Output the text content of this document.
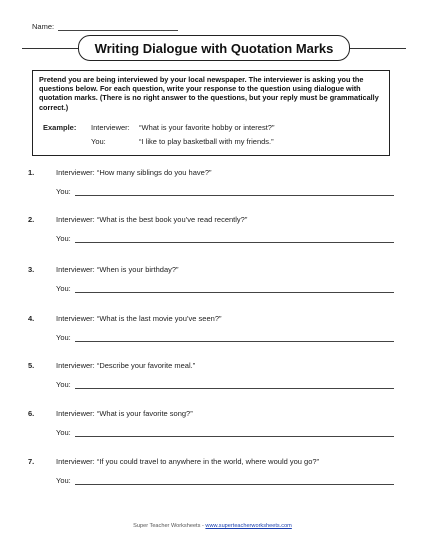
Name:
Writing Dialogue with Quotation Marks
Pretend you are being interviewed by your local newspaper. The interviewer is asking you the questions below. For each question, write your response to the question using dialogue with quotation marks. (There is no right answer to the questions, but your reply must be grammatically correct.)
Example: Interviewer: “What is your favorite hobby or interest?”
You:	“I like to play basketball with my friends.”
1.	Interviewer: “How many siblings do you have?”
You:
2.	Interviewer: “What is the best book you’ve read recently?”
You:
3.	Interviewer: “When is your birthday?”
You:
4.	Interviewer: “What is the last movie you’ve seen?”
You:
5.	Interviewer: “Describe your favorite meal.”
You:
6.	Interviewer: “What is your favorite song?”
You:
7.	Interviewer: “If you could travel to anywhere in the world, where would you go?”
You:
Super Teacher Worksheets - www.superteacherworksheets.com
